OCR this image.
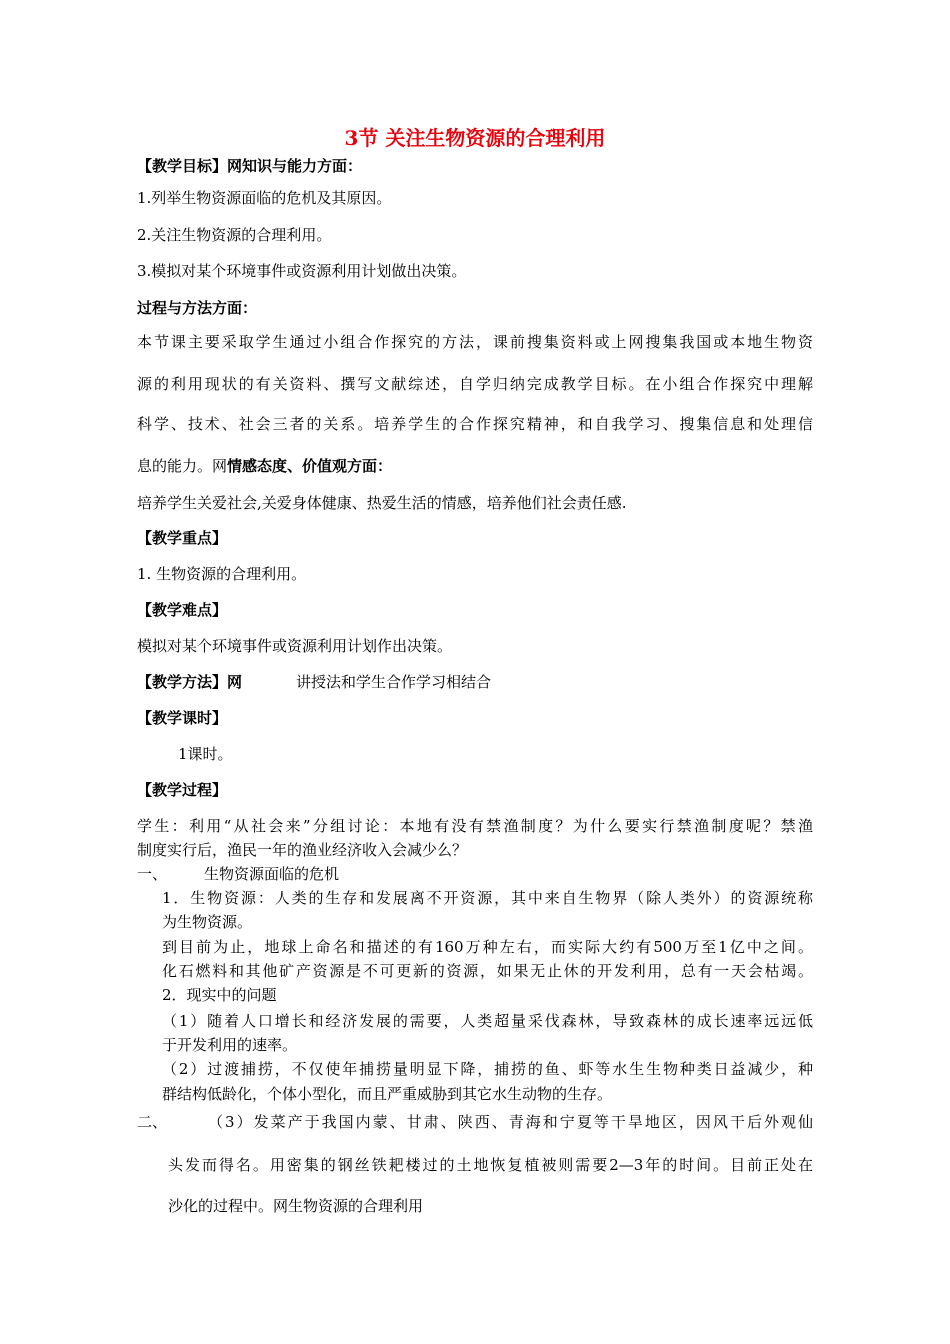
3节 关注生物资源的合理利用
【教学目标】网知识与能力方面：
1.列举生物资源面临的危机及其原因。
2.关注生物资源的合理利用。
3.模拟对某个环境事件或资源利用计划做出决策。
过程与方法方面：
本节课主要采取学生通过小组合作探究的方法，课前搜集资料或上网搜集我国或本地生物资
源的利用现状的有关资料、撰写文献综述，自学归纳完成教学目标。在小组合作探究中理解
科学、技术、社会三者的关系。培养学生的合作探究精神，和自我学习、搜集信息和处理信
息的能力。网情感态度、价值观方面：
培养学生关爱社会,关爱身体健康、热爱生活的情感，培养他们社会责任感.
【教学重点】
1. 生物资源的合理利用。
【教学难点】
模拟对某个环境事件或资源利用计划作出决策。
【教学方法】网	讲授法和学生合作学习相结合
【教学课时】
1课时。
【教学过程】
学生：利用“从社会来”分组讨论：本地有没有禁渔制度？为什么要实行禁渔制度呢？禁渔
制度实行后，渔民一年的渔业经济收入会减少么？
一、 生物资源面临的危机
1．生物资源：人类的生存和发展离不开资源，其中来自生物界（除人类外）的资源统称
为生物资源。
到目前为止，地球上命名和描述的有160万种左右，而实际大约有500万至1亿中之间。
化石燃料和其他矿产资源是不可更新的资源，如果无止休的开发利用，总有一天会枯竭。
2．现实中的问题
（1）随着人口增长和经济发展的需要，人类超量采伐森林，导致森林的成长速率远远低
于开发利用的速率。
（2）过渡捕捞，不仅使年捕捞量明显下降，捕捞的鱼、虾等水生生物种类日益减少，种
群结构低龄化，个体小型化，而且严重威胁到其它水生动物的生存。
二、	（3）发菜产于我国内蒙、甘肃、陕西、青海和宁夏等干旱地区，因风干后外观仙
头发而得名。用密集的钢丝铁耙楼过的土地恢复植被则需要2—3年的时间。目前正处在
沙化的过程中。网生物资源的合理利用
